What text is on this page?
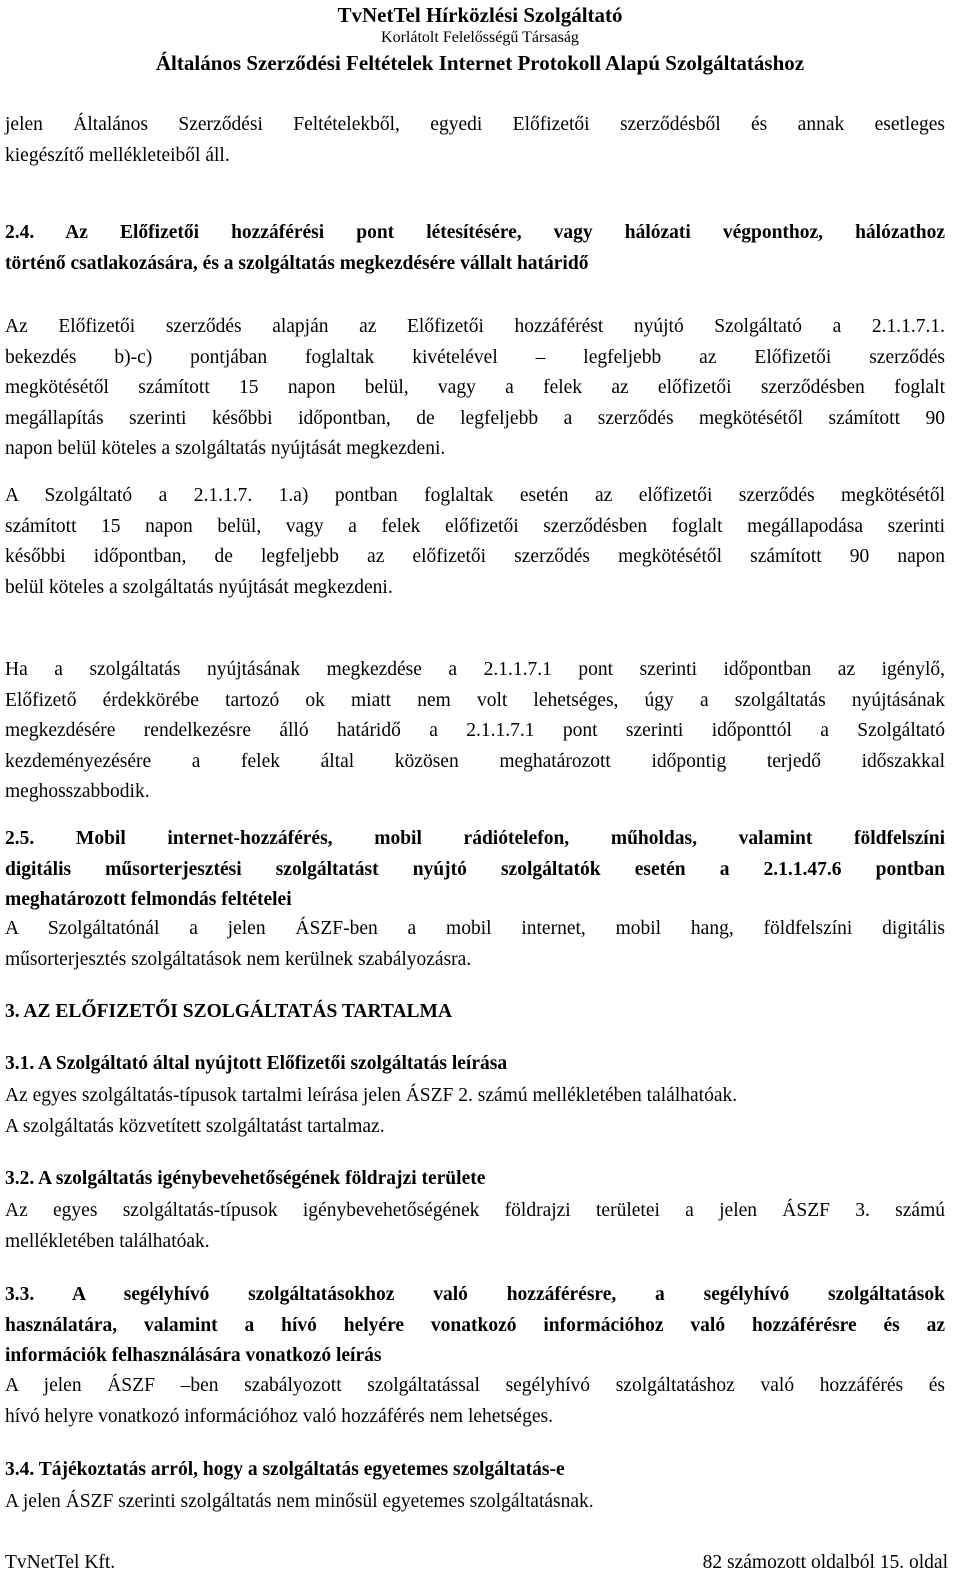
TvNetTel Hírközlési Szolgáltató
Korlátolt Felelősségű Társaság
Általános Szerződési Feltételek Internet Protokoll Alapú Szolgáltatáshoz
jelen Általános Szerződési Feltételekből, egyedi Előfizetői szerződésből és annak esetleges
kiegészítő mellékleteiből áll.
2.4. Az Előfizetői hozzáférési pont létesítésére, vagy hálózati végponthoz, hálózathoz
történő csatlakozására, és a szolgáltatás megkezdésére vállalt határidő
Az Előfizetői szerződés alapján az Előfizetői hozzáférést nyújtó Szolgáltató a 2.1.1.7.1.
bekezdés b)-c) pontjában foglaltak kivételével – legfeljebb az Előfizetői szerződés
megkötésétől számított 15 napon belül, vagy a felek az előfizetői szerződésben foglalt
megállapítás szerinti későbbi időpontban, de legfeljebb a szerződés megkötésétől számított 90
napon belül köteles a szolgáltatás nyújtását megkezdeni.
A Szolgáltató a 2.1.1.7. 1.a) pontban foglaltak esetén az előfizetői szerződés megkötésétől
számított 15 napon belül, vagy a felek előfizetői szerződésben foglalt megállapodása szerinti
későbbi időpontban, de legfeljebb az előfizetői szerződés megkötésétől számított 90 napon
belül köteles a szolgáltatás nyújtását megkezdeni.
Ha a szolgáltatás nyújtásának megkezdése a 2.1.1.7.1 pont szerinti időpontban az igénylő,
Előfizető érdekkörébe tartozó ok miatt nem volt lehetséges, úgy a szolgáltatás nyújtásának
megkezdésére rendelkezésre álló határidő a 2.1.1.7.1 pont szerinti időponttól a Szolgáltató
kezdeményezésére a felek által közösen meghatározott időpontig terjedő időszakkal
meghosszabbodik.
2.5. Mobil internet-hozzáférés, mobil rádiótelefon, műholdas, valamint földfelszíni
digitális műsorterjesztési szolgáltatást nyújtó szolgáltatók esetén a 2.1.1.47.6 pontban
meghatározott felmondás feltételei
A Szolgáltatónál a jelen ÁSZF-ben a mobil internet, mobil hang, földfelszíni digitális
műsorterjesztés szolgáltatások nem kerülnek szabályozásra.
3. AZ ELŐFIZETŐI SZOLGÁLTATÁS TARTALMA
3.1. A Szolgáltató által nyújtott Előfizetői szolgáltatás leírása
Az egyes szolgáltatás-típusok tartalmi leírása jelen ÁSZF 2. számú mellékletében találhatóak.
A szolgáltatás közvetített szolgáltatást tartalmaz.
3.2. A szolgáltatás igénybevehetőségének földrajzi területe
Az egyes szolgáltatás-típusok igénybevehetőségének földrajzi területei a jelen ÁSZF 3. számú
mellékletében találhatóak.
3.3. A segélyhívó szolgáltatásokhoz való hozzáférésre, a segélyhívó szolgáltatások
használatára, valamint a hívó helyére vonatkozó információhoz való hozzáférésre és az
információk felhasználására vonatkozó leírás
A jelen ÁSZF –ben szabályozott szolgáltatással segélyhívó szolgáltatáshoz való hozzáférés és
hívó helyre vonatkozó információhoz való hozzáférés nem lehetséges.
3.4. Tájékoztatás arról, hogy a szolgáltatás egyetemes szolgáltatás-e
A jelen ÁSZF szerinti szolgáltatás nem minősül egyetemes szolgáltatásnak.
TvNetTel Kft.	82 számozott oldalból 15. oldal
